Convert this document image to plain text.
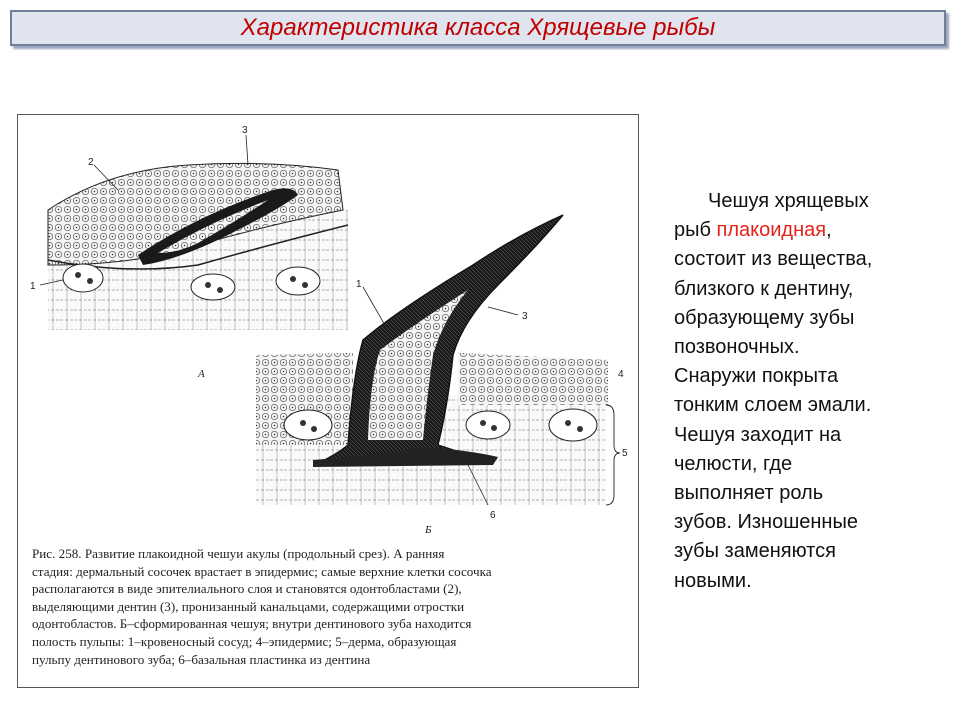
Характеристика класса Хрящевые рыбы
2
3
1
А
1
3
4
5
6
Б
Рис. 258. Развитие плакоидной чешуи акулы (продольный срез). А ранняя
стадия: дермальный сосочек врастает в эпидермис; самые верхние клетки сосочка
располагаются в виде эпителиального слоя и становятся одонтобластами (2),
выделяющими дентин (3), пронизанный канальцами, содержащими отростки
одонтобластов. Б–сформированная чешуя; внутри дентинового зуба находится
полость пульпы: 1–кровеносный сосуд; 4–эпидермис; 5–дерма, образующая
пульпу дентинового зуба; 6–базальная пластинка из дентина
Чешуя хрящевых
рыб плакоидная,
состоит из вещества,
близкого к дентину,
образующему зубы
позвоночных.
Снаружи покрыта
тонким слоем эмали.
Чешуя заходит на
челюсти, где
выполняет роль
зубов. Изношенные
зубы заменяются
новыми.
